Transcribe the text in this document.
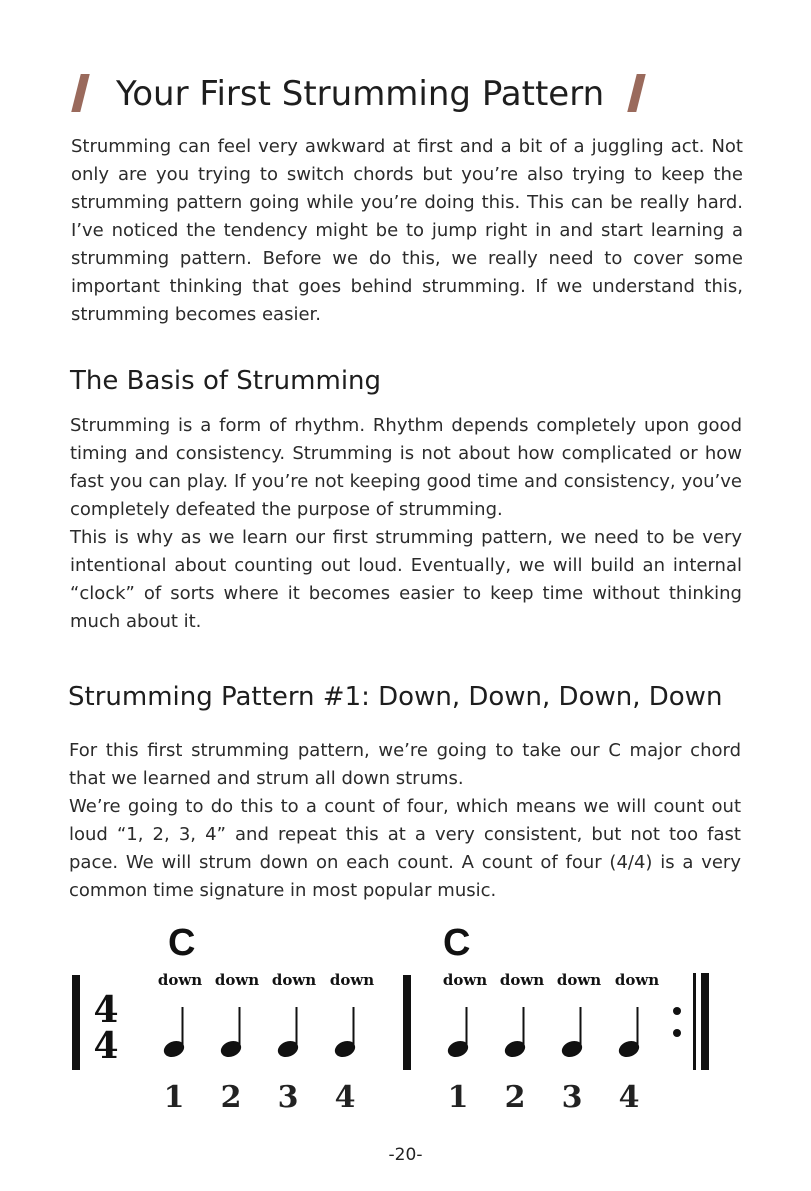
Your First Strumming Pattern

Strumming can feel very awkward at first and a bit of a juggling act. Not only are you trying to switch chords but you’re also trying to keep the strumming pattern going while you’re doing this. This can be really hard. I’ve noticed the tendency might be to jump right in and start learning a strumming pattern. Before we do this, we really need to cover some important thinking that goes behind strumming. If we understand this, strumming becomes easier.

The Basis of Strumming

Strumming is a form of rhythm. Rhythm depends completely upon good timing and consistency. Strumming is not about how complicated or how fast you can play. If you’re not keeping good time and consistency, you’ve completely defeated the purpose of strumming.

This is why as we learn our first strumming pattern, we need to be very intentional about counting out loud. Eventually, we will build an internal “clock” of sorts where it becomes easier to keep time without thinking much about it.

Strumming Pattern #1: Down, Down, Down, Down

For this first strumming pattern, we’re going to take our C major chord that we learned and strum all down strums.

We’re going to do this to a count of four, which means we will count out loud “1, 2, 3, 4” and repeat this at a very consistent, but not too fast pace. We will strum down on each count. A count of four (4/4) is a very common time signature in most popular music.

4
4
C
down down down down
1 2 3 4
C
down down down down
1 2 3 4
-20-
